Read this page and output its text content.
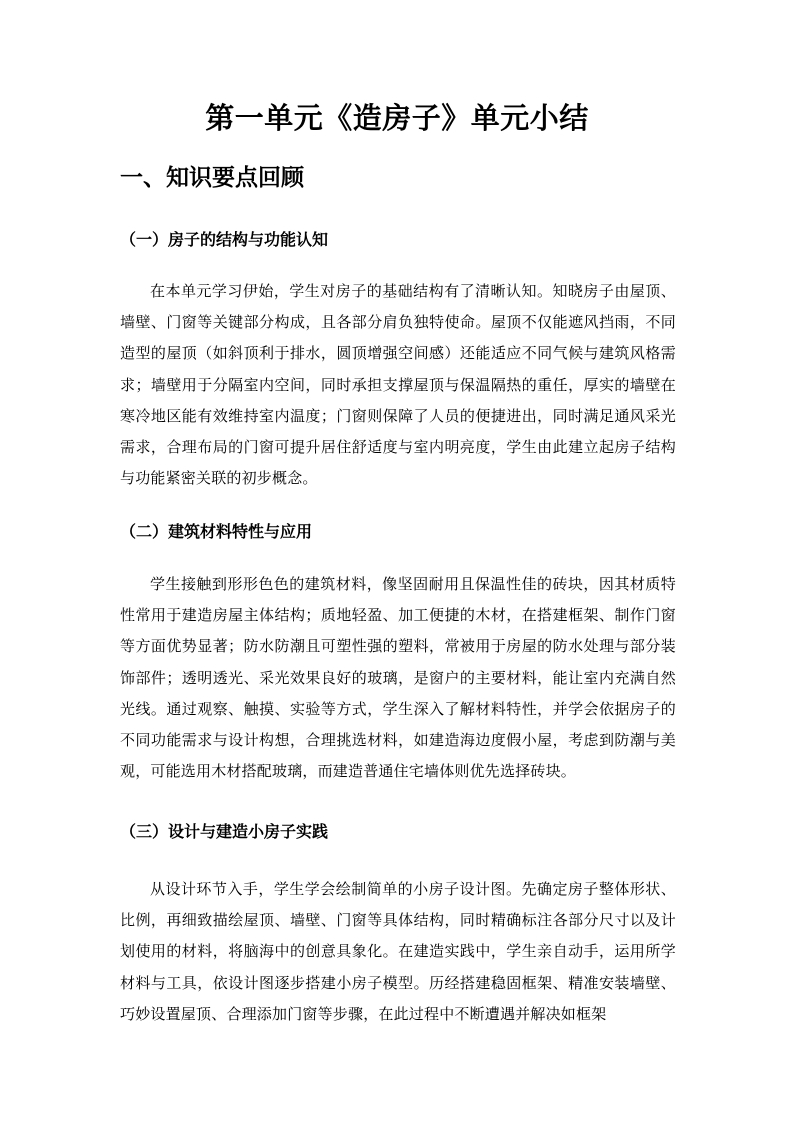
第一单元《造房子》单元小结
一、知识要点回顾
（一）房子的结构与功能认知

在本单元学习伊始，学生对房子的基础结构有了清晰认知。知晓房子由屋顶、墙壁、门窗等关键部分构成，且各部分肩负独特使命。屋顶不仅能遮风挡雨，不同造型的屋顶（如斜顶利于排水，圆顶增强空间感）还能适应不同气候与建筑风格需求；墙壁用于分隔室内空间，同时承担支撑屋顶与保温隔热的重任，厚实的墙壁在寒冷地区能有效维持室内温度；门窗则保障了人员的便捷进出，同时满足通风采光需求，合理布局的门窗可提升居住舒适度与室内明亮度，学生由此建立起房子结构与功能紧密关联的初步概念。

（二）建筑材料特性与应用

学生接触到形形色色的建筑材料，像坚固耐用且保温性佳的砖块，因其材质特性常用于建造房屋主体结构；质地轻盈、加工便捷的木材，在搭建框架、制作门窗等方面优势显著；防水防潮且可塑性强的塑料，常被用于房屋的防水处理与部分装饰部件；透明透光、采光效果良好的玻璃，是窗户的主要材料，能让室内充满自然光线。通过观察、触摸、实验等方式，学生深入了解材料特性，并学会依据房子的不同功能需求与设计构想，合理挑选材料，如建造海边度假小屋，考虑到防潮与美观，可能选用木材搭配玻璃，而建造普通住宅墙体则优先选择砖块。

（三）设计与建造小房子实践

从设计环节入手，学生学会绘制简单的小房子设计图。先确定房子整体形状、比例，再细致描绘屋顶、墙壁、门窗等具体结构，同时精确标注各部分尺寸以及计划使用的材料，将脑海中的创意具象化。在建造实践中，学生亲自动手，运用所学材料与工具，依设计图逐步搭建小房子模型。历经搭建稳固框架、精准安装墙壁、巧妙设置屋顶、合理添加门窗等步骤，在此过程中不断遭遇并解决如框架
